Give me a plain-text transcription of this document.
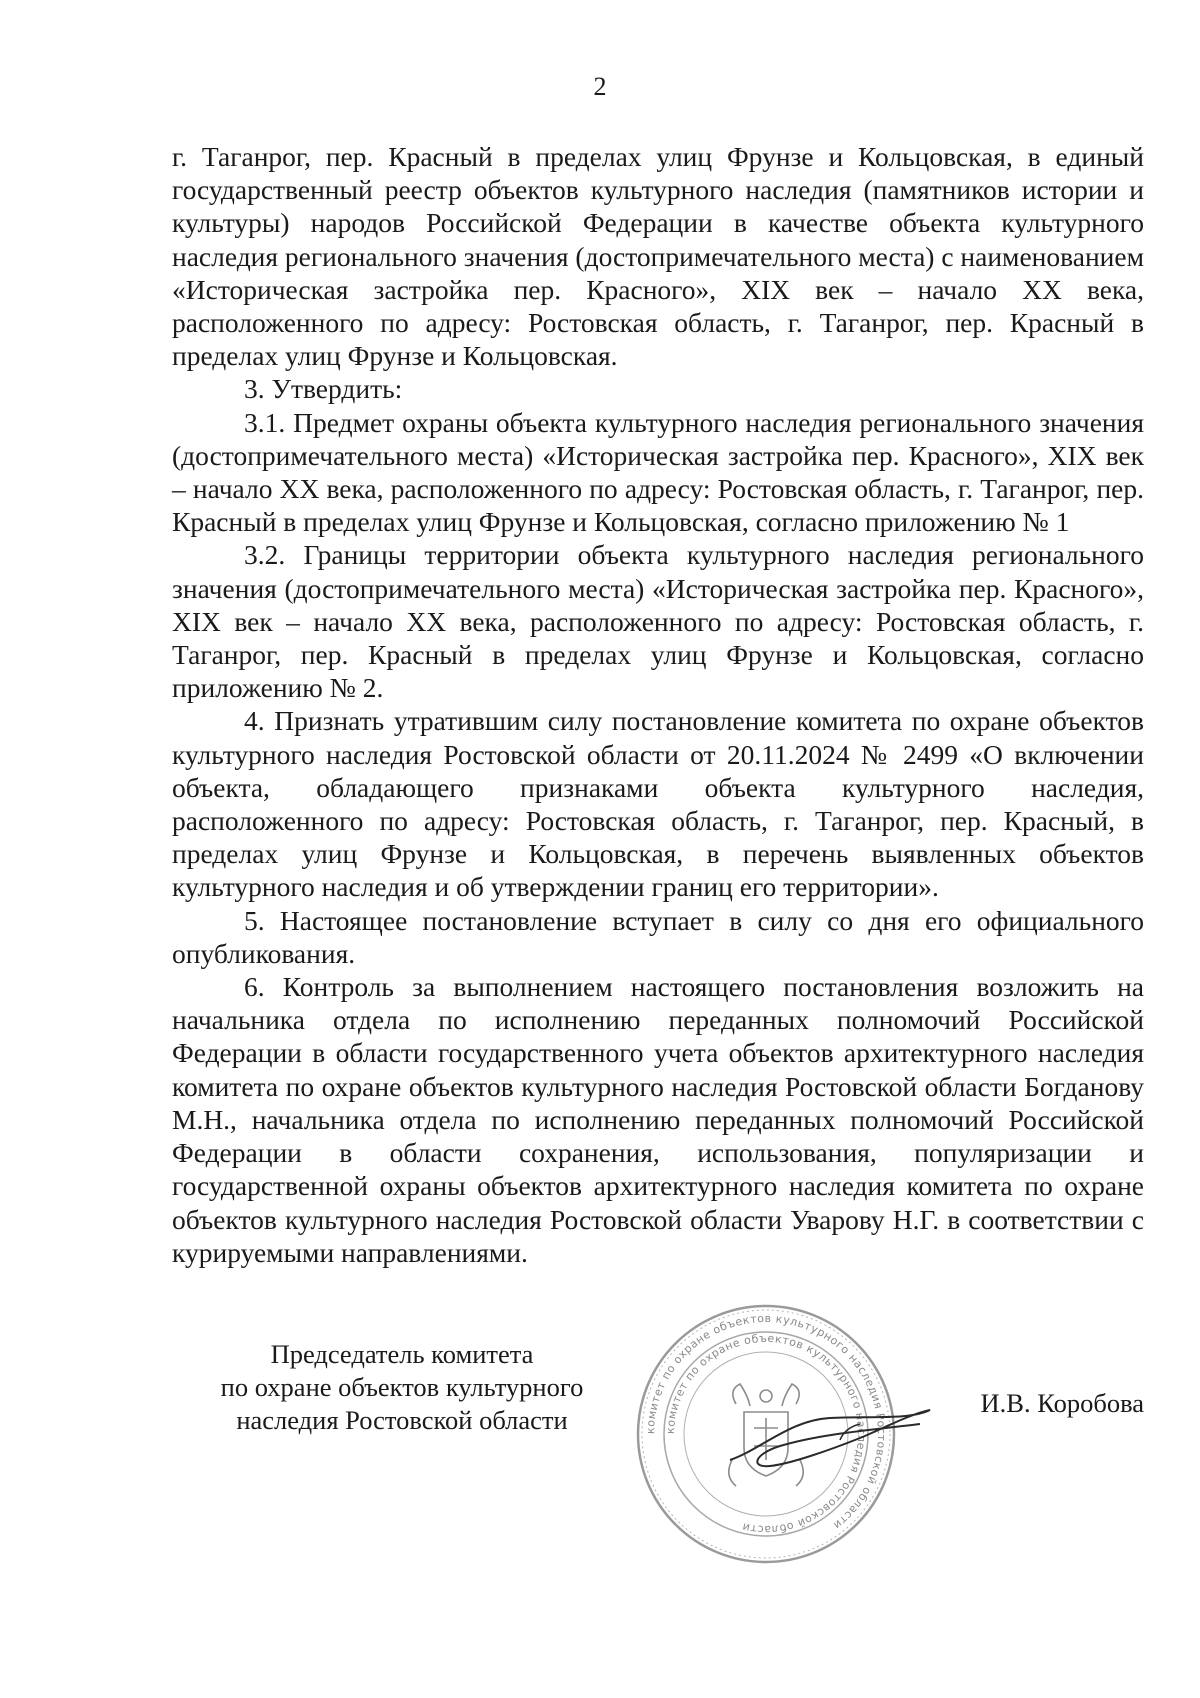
2

г. Таганрог, пер. Красный в пределах улиц Фрунзе и Кольцовская, в единый государственный реестр объектов культурного наследия (памятников истории и культуры) народов Российской Федерации в качестве объекта культурного наследия регионального значения (достопримечательного места) с наименованием «Историческая застройка пер. Красного», XIX век – начало XX века, расположенного по адресу: Ростовская область, г. Таганрог, пер. Красный в пределах улиц Фрунзе и Кольцовская.

3. Утвердить:

3.1. Предмет охраны объекта культурного наследия регионального значения (достопримечательного места) «Историческая застройка пер. Красного», XIX век – начало XX века, расположенного по адресу: Ростовская область, г. Таганрог, пер. Красный в пределах улиц Фрунзе и Кольцовская, согласно приложению № 1

3.2. Границы территории объекта культурного наследия регионального значения (достопримечательного места) «Историческая застройка пер. Красного», XIX век – начало XX века, расположенного по адресу: Ростовская область, г. Таганрог, пер. Красный в пределах улиц Фрунзе и Кольцовская, согласно приложению № 2.

4. Признать утратившим силу постановление комитета по охране объектов культурного наследия Ростовской области от 20.11.2024 № 2499 «О включении объекта, обладающего признаками объекта культурного наследия, расположенного по адресу: Ростовская область, г. Таганрог, пер. Красный, в пределах улиц Фрунзе и Кольцовская, в перечень выявленных объектов культурного наследия и об утверждении границ его территории».

5. Настоящее постановление вступает в силу со дня его официального опубликования.

6. Контроль за выполнением настоящего постановления возложить на начальника отдела по исполнению переданных полномочий Российской Федерации в области государственного учета объектов архитектурного наследия комитета по охране объектов культурного наследия Ростовской области Богданову М.Н., начальника отдела по исполнению переданных полномочий Российской Федерации в области сохранения, использования, популяризации и государственной охраны объектов архитектурного наследия комитета по охране объектов культурного наследия Ростовской области Уварову Н.Г. в соответствии с курируемыми направлениями.

Председатель комитета
по охране объектов культурного
наследия Ростовской области	комитет по охране объектов культурного наследия Ростовской области
комитет по охране объектов культурного наследия Ростовской области
И.В. Коробова
